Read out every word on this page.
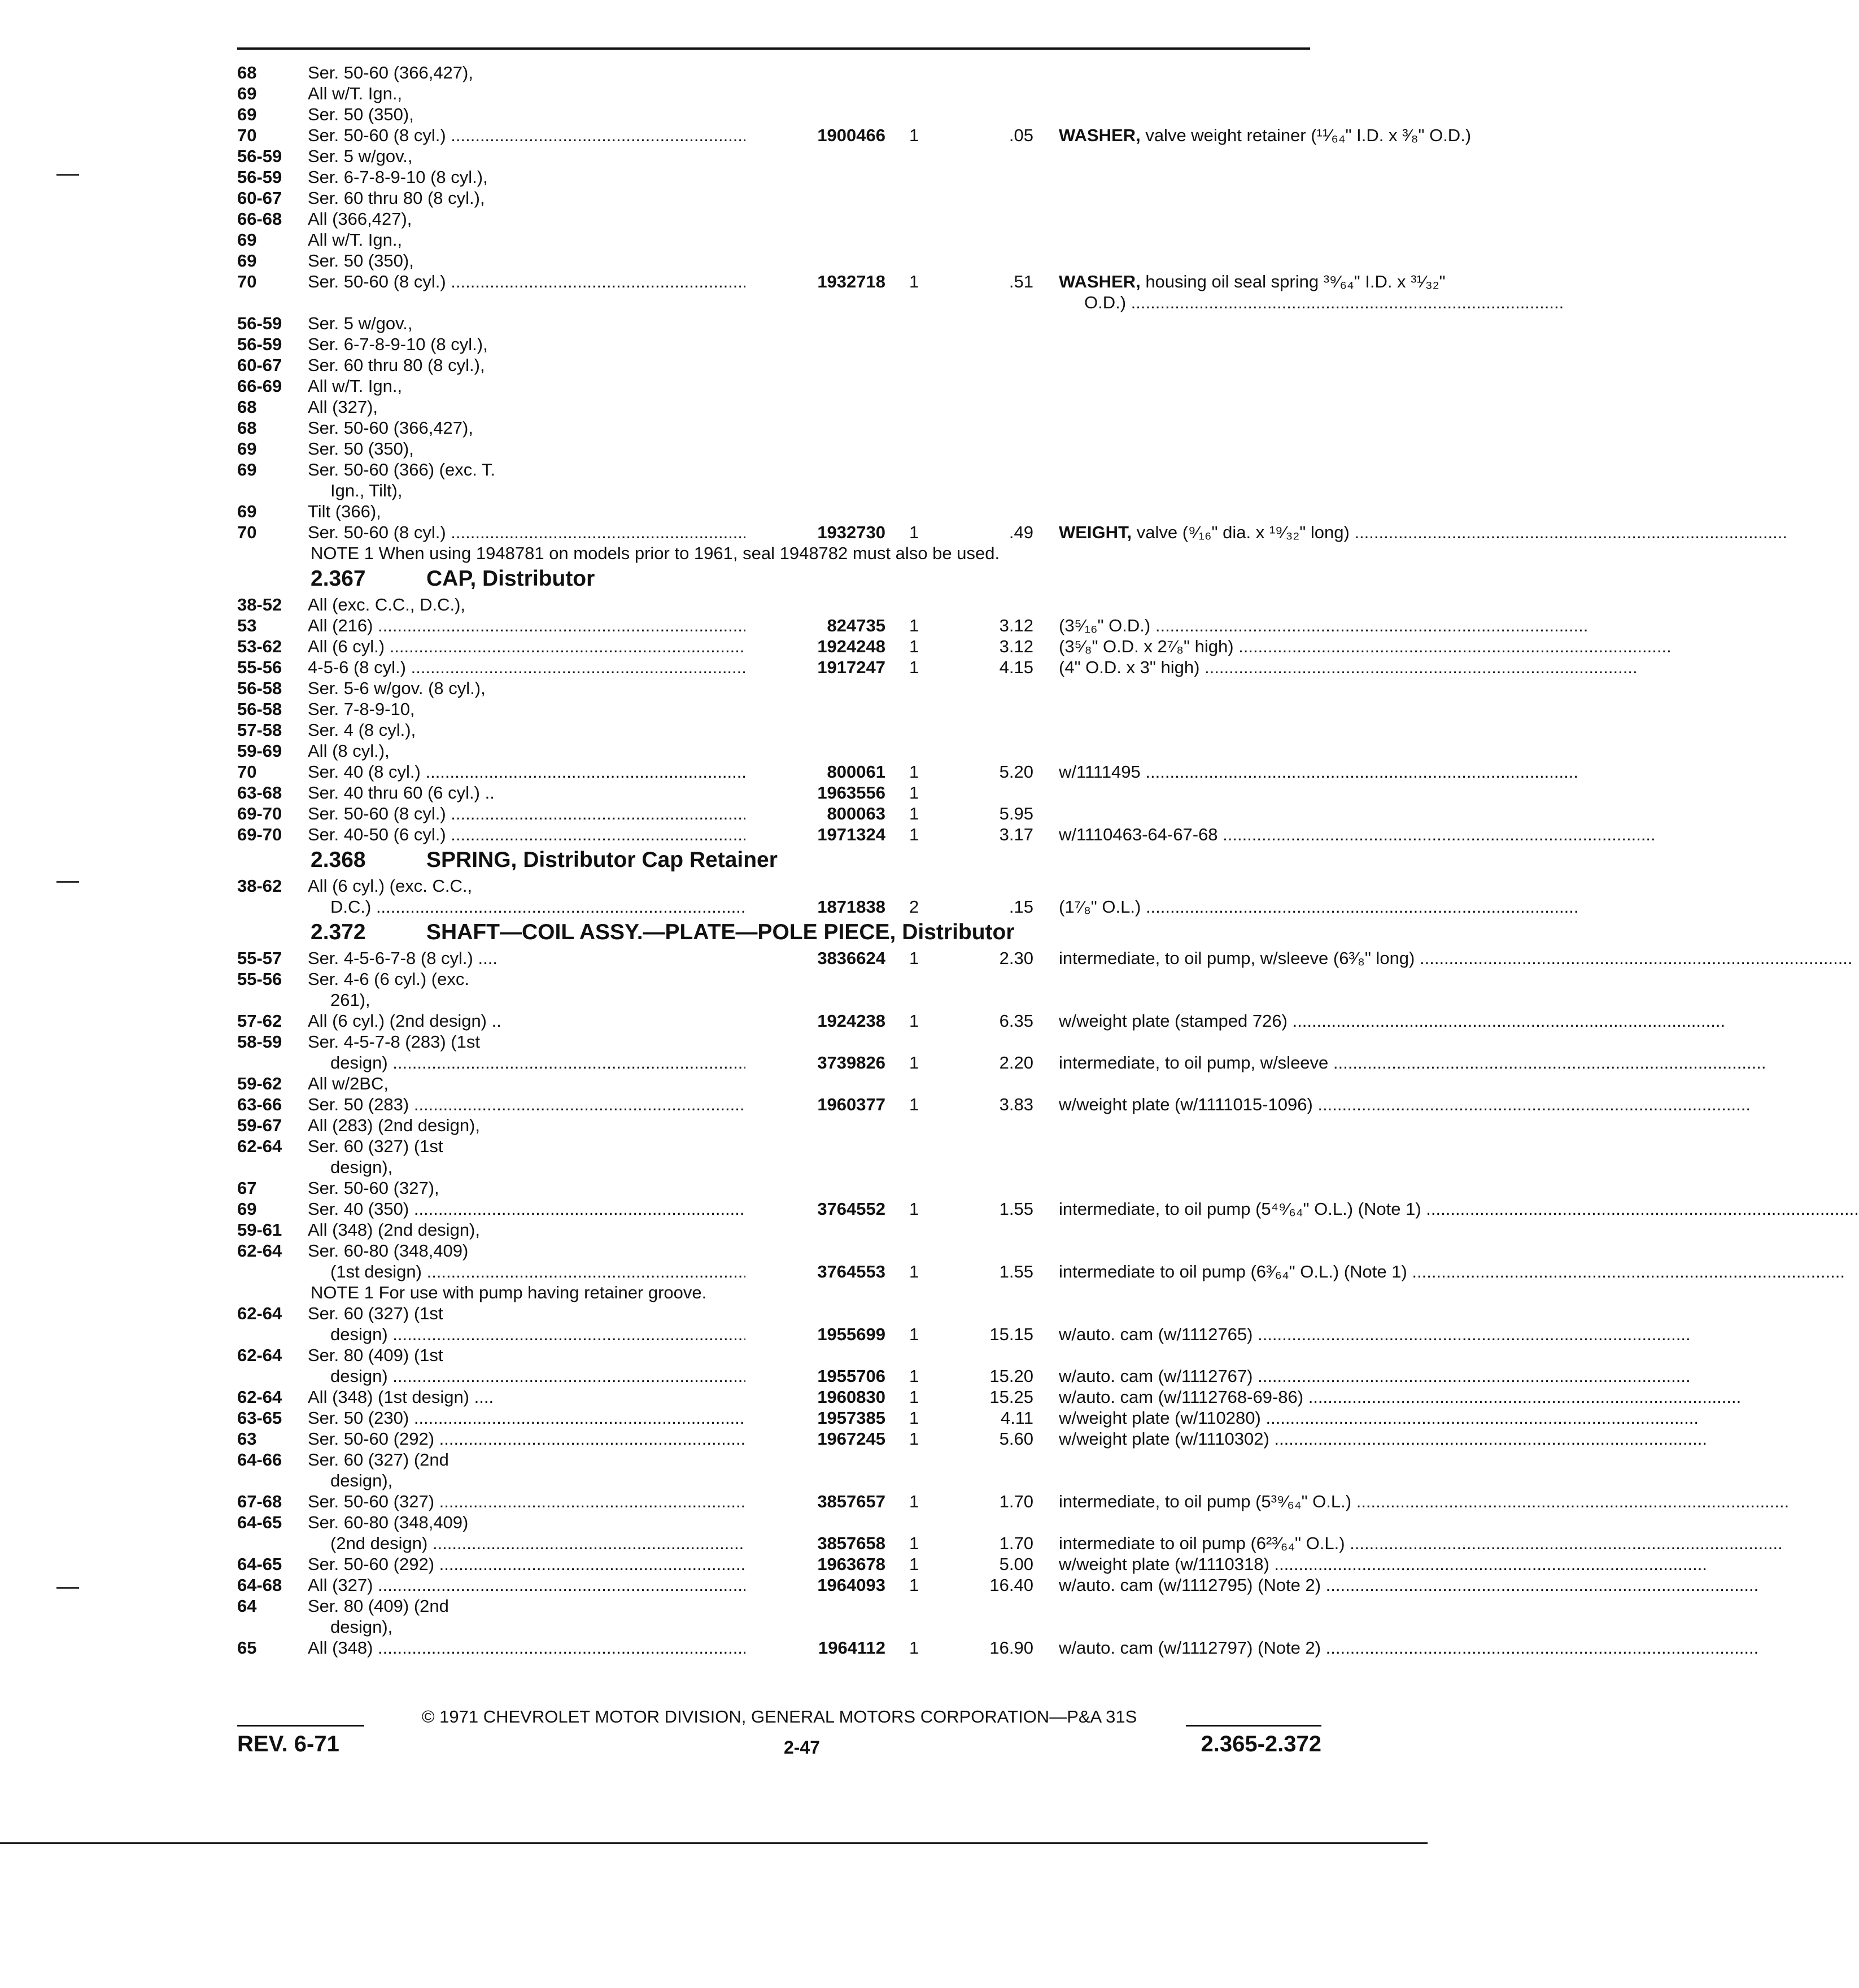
68	Ser. 50-60 (366,427),
69	All w/T. Ign.,
69	Ser. 50 (350),
70	Ser. 50-60 (8 cyl.) .....	1900466 1	.05 WASHER, valve weight retainer (¹¹⁄₆₄" I.D. x ³⁄₈" O.D.)
56-59	Ser. 5 w/gov.,
56-59	Ser. 6-7-8-9-10 (8 cyl.),
60-67	Ser. 60 thru 80 (8 cyl.),
66-68	All (366,427),
69	All w/T. Ign.,
69	Ser. 50 (350),
70	Ser. 50-60 (8 cyl.) .....	1932718 1	.51 WASHER, housing oil seal spring ³⁹⁄₆₄" I.D. x ³¹⁄₃₂"
O.D.) .....
56-59	Ser. 5 w/gov.,
56-59	Ser. 6-7-8-9-10 (8 cyl.),
60-67	Ser. 60 thru 80 (8 cyl.),
66-69	All w/T. Ign.,
68	All (327),
68	Ser. 50-60 (366,427),
69	Ser. 50 (350),
69	Ser. 50-60 (366) (exc. T.
Ign., Tilt),
69	Tilt (366),
70	Ser. 50-60 (8 cyl.) .....	1932730 1	.49 WEIGHT, valve (⁹⁄₁₆" dia. x ¹⁹⁄₃₂" long) .....
NOTE 1 When using 1948781 on models prior to 1961, seal 1948782 must also be used.
2.367	CAP, Distributor
38-52	All (exc. C.C., D.C.),
53	All (216) .....	824735 1	3.12 (3⁵⁄₁₆" O.D.) .....
53-62	All (6 cyl.) .....	1924248 1	3.12 (3⁵⁄₈" O.D. x 2⁷⁄₈" high) .....
55-56	4-5-6 (8 cyl.) .....	1917247 1	4.15 (4" O.D. x 3" high) .....
56-58	Ser. 5-6 w/gov. (8 cyl.),
56-58	Ser. 7-8-9-10,
57-58	Ser. 4 (8 cyl.),
59-69	All (8 cyl.),
70	Ser. 40 (8 cyl.) .....	800061 1	5.20 w/1111495 .....
63-68	Ser. 40 thru 60 (6 cyl.) ..	1963556 1
69-70	Ser. 50-60 (8 cyl.) .....	800063 1	5.95
69-70	Ser. 40-50 (6 cyl.) .....	1971324 1	3.17 w/1110463-64-67-68 .....
2.368	SPRING, Distributor Cap Retainer
38-62	All (6 cyl.) (exc. C.C.,
D.C.) .....	1871838 2	.15 (1⁷⁄₈" O.L.) .....
2.372	SHAFT—COIL ASSY.—PLATE—POLE PIECE, Distributor
55-57	Ser. 4-5-6-7-8 (8 cyl.) ....	3836624 1	2.30 intermediate, to oil pump, w/sleeve (6³⁄₈" long) .....
55-56	Ser. 4-6 (6 cyl.) (exc.
261),
57-62	All (6 cyl.) (2nd design) ..	1924238 1	6.35 w/weight plate (stamped 726) .....
58-59	Ser. 4-5-7-8 (283) (1st
design) .....	3739826 1	2.20 intermediate, to oil pump, w/sleeve .....
59-62	All w/2BC,
63-66	Ser. 50 (283) .....	1960377 1	3.83 w/weight plate (w/1111015-1096) .....
59-67	All (283) (2nd design),
62-64	Ser. 60 (327) (1st
design),
67	Ser. 50-60 (327),
69	Ser. 40 (350) .....	3764552 1	1.55 intermediate, to oil pump (5⁴⁹⁄₆₄" O.L.) (Note 1) .....
59-61	All (348) (2nd design),
62-64	Ser. 60-80 (348,409)
(1st design) .....	3764553 1	1.55 intermediate to oil pump (6³⁄₆₄" O.L.) (Note 1) .....
NOTE 1 For use with pump having retainer groove.
62-64	Ser. 60 (327) (1st
design) .....	1955699 1	15.15 w/auto. cam (w/1112765) .....
62-64	Ser. 80 (409) (1st
design) .....	1955706 1	15.20 w/auto. cam (w/1112767) .....
62-64	All (348) (1st design) ....	1960830 1	15.25 w/auto. cam (w/1112768-69-86) .....
63-65	Ser. 50 (230) .....	1957385 1	4.11 w/weight plate (w/110280) .....
63	Ser. 50-60 (292) .....	1967245 1	5.60 w/weight plate (w/1110302) .....
64-66	Ser. 60 (327) (2nd
design),
67-68	Ser. 50-60 (327) .....	3857657 1	1.70 intermediate, to oil pump (5³⁹⁄₆₄" O.L.) .....
64-65	Ser. 60-80 (348,409)
(2nd design) .....	3857658 1	1.70 intermediate to oil pump (6²³⁄₆₄" O.L.) .....
64-65	Ser. 50-60 (292) .....	1963678 1	5.00 w/weight plate (w/1110318) .....
64-68	All (327) .....	1964093 1	16.40 w/auto. cam (w/1112795) (Note 2) .....
64	Ser. 80 (409) (2nd
design),
65	All (348) .....	1964112 1	16.90 w/auto. cam (w/1112797) (Note 2) .....
© 1971 CHEVROLET MOTOR DIVISION, GENERAL MOTORS CORPORATION—P&A 31S
REV. 6-71	2-47	2.365-2.372
